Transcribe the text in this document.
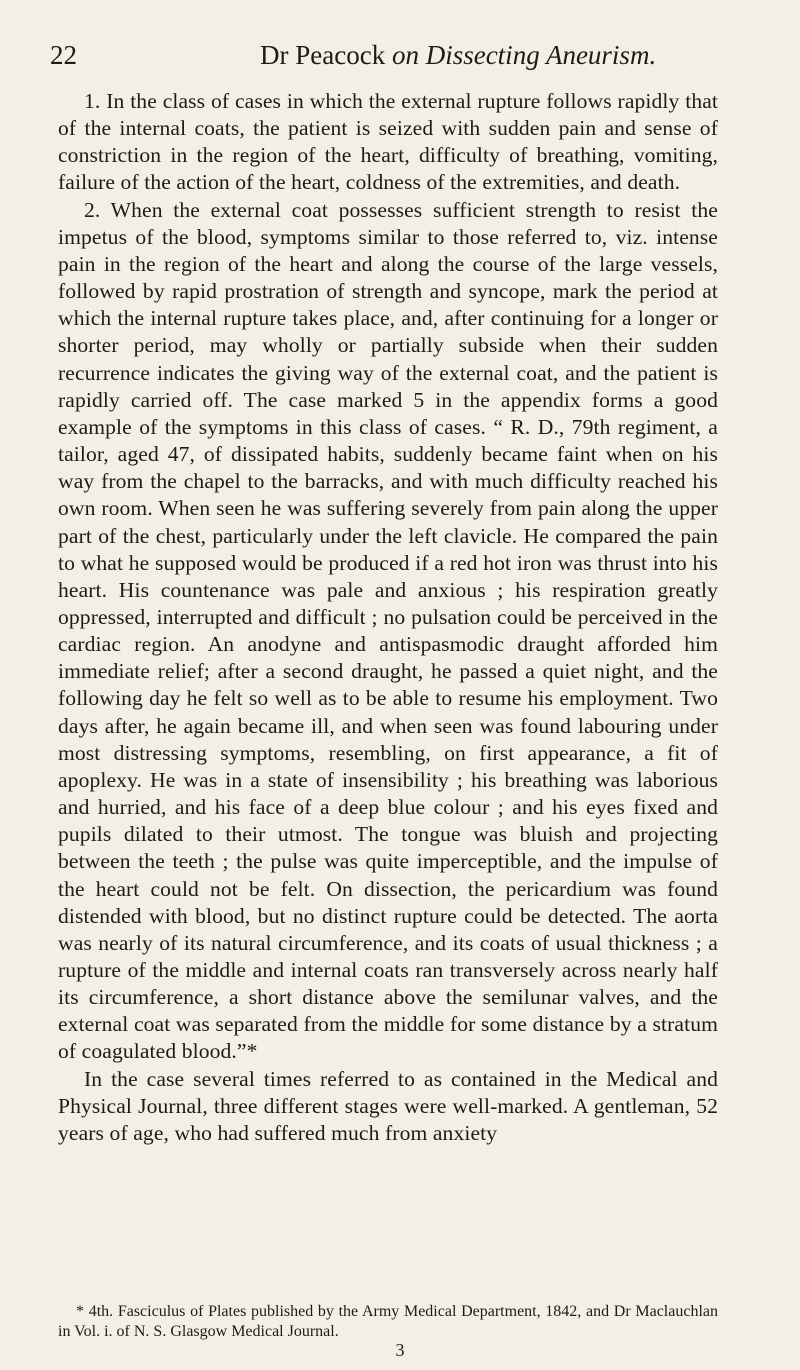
22	Dr Peacock on Dissecting Aneurism.

1. In the class of cases in which the external rupture follows rapidly that of the internal coats, the patient is seized with sudden pain and sense of constriction in the region of the heart, difficulty of breathing, vomiting, failure of the action of the heart, coldness of the extremities, and death.

2. When the external coat possesses sufficient strength to resist the impetus of the blood, symptoms similar to those referred to, viz. intense pain in the region of the heart and along the course of the large vessels, followed by rapid prostration of strength and syncope, mark the period at which the internal rupture takes place, and, after continuing for a longer or shorter period, may wholly or partially subside when their sudden recurrence indicates the giving way of the external coat, and the patient is rapidly carried off. The case marked 5 in the appendix forms a good example of the symptoms in this class of cases. “ R. D., 79th regiment, a tailor, aged 47, of dissipated habits, suddenly became faint when on his way from the chapel to the barracks, and with much difficulty reached his own room. When seen he was suffering severely from pain along the upper part of the chest, particularly under the left clavicle. He compared the pain to what he supposed would be produced if a red hot iron was thrust into his heart. His countenance was pale and anxious ; his respiration greatly oppressed, interrupted and difficult ; no pulsation could be perceived in the cardiac region. An anodyne and antispasmodic draught afforded him immediate relief; after a second draught, he passed a quiet night, and the following day he felt so well as to be able to resume his employment. Two days after, he again became ill, and when seen was found labouring under most distressing symptoms, resembling, on first appearance, a fit of apoplexy. He was in a state of insensibility ; his breathing was laborious and hurried, and his face of a deep blue colour ; and his eyes fixed and pupils dilated to their utmost. The tongue was bluish and projecting between the teeth ; the pulse was quite imperceptible, and the impulse of the heart could not be felt. On dissection, the pericardium was found distended with blood, but no distinct rupture could be detected. The aorta was nearly of its natural circumference, and its coats of usual thickness ; a rupture of the middle and internal coats ran transversely across nearly half its circumference, a short distance above the semilunar valves, and the external coat was separated from the middle for some distance by a stratum of coagulated blood.”*

In the case several times referred to as contained in the Medical and Physical Journal, three different stages were well-marked. A gentleman, 52 years of age, who had suffered much from anxiety

* 4th. Fasciculus of Plates published by the Army Medical Department, 1842, and Dr Maclauchlan in Vol. i. of N. S. Glasgow Medical Journal.

3
